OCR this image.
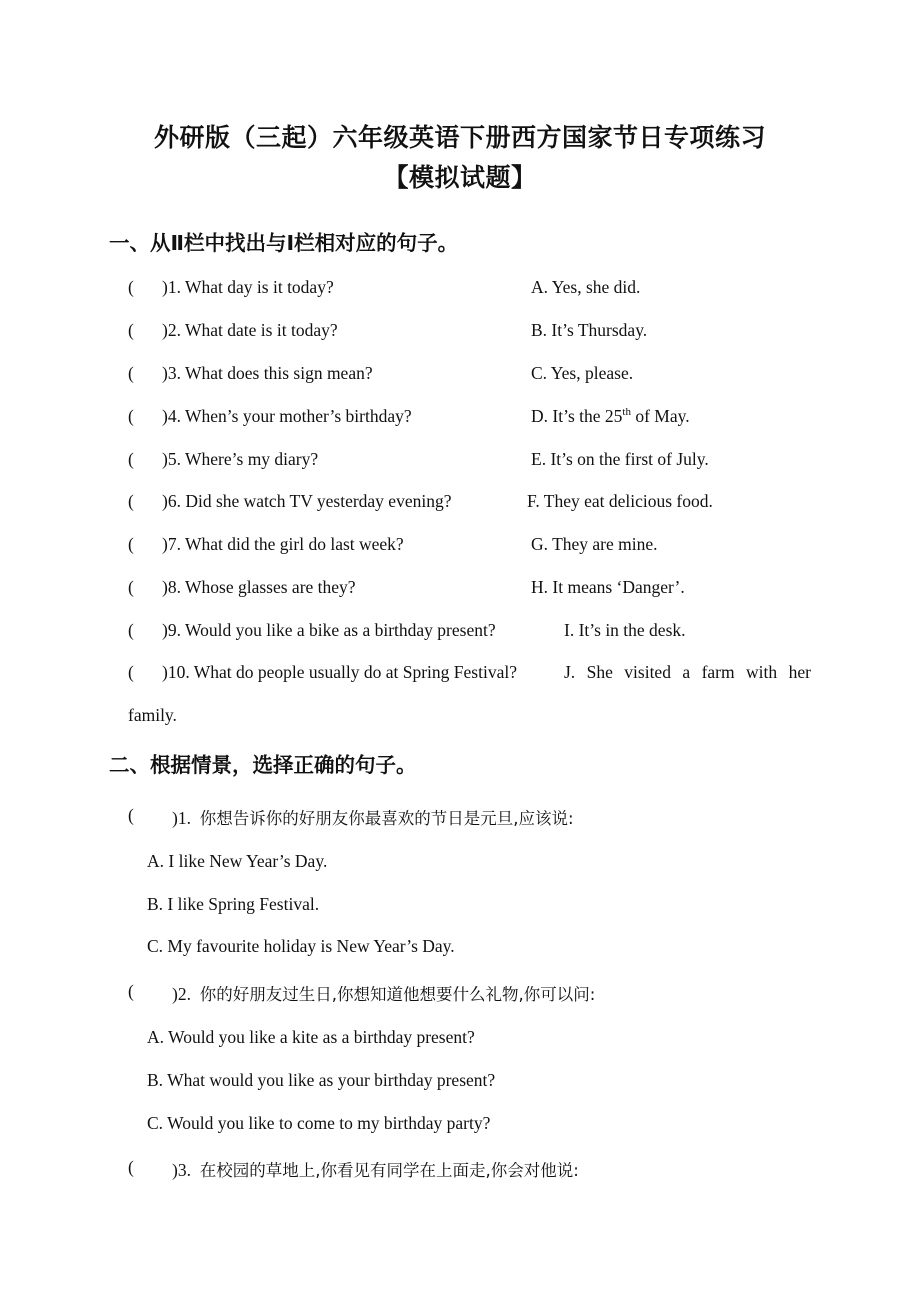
外研版（三起）六年级英语下册西方国家节日专项练习
【模拟试题】
一、从Ⅱ栏中找出与Ⅰ栏相对应的句子。
( )1. What day is it today?	A. Yes, she did.
( )2. What date is it today?	B. It’s Thursday.
( )3. What does this sign mean?	C. Yes, please.
( )4. When’s your mother’s birthday?	D. It’s the 25th of May.
( )5. Where’s my diary?	E. It’s on the first of July.
( )6. Did she watch TV yesterday evening?	F. They eat delicious food.
( )7. What did the girl do last week?	G. They are mine.
( )8. Whose glasses are they?	H. It means ‘Danger’.
( )9. Would you like a bike as a birthday present?	I. It’s in the desk.
( )10. What do people usually do at Spring Festival?	J. She visited a farm with her
family.
二、根据情景，选择正确的句子。
( )1. 你想告诉你的好朋友你最喜欢的节日是元旦,应该说:
A. I like New Year’s Day.
B. I like Spring Festival.
C. My favourite holiday is New Year’s Day.
( )2. 你的好朋友过生日,你想知道他想要什么礼物,你可以问:
A. Would you like a kite as a birthday present?
B. What would you like as your birthday present?
C. Would you like to come to my birthday party?
( )3. 在校园的草地上,你看见有同学在上面走,你会对他说:
